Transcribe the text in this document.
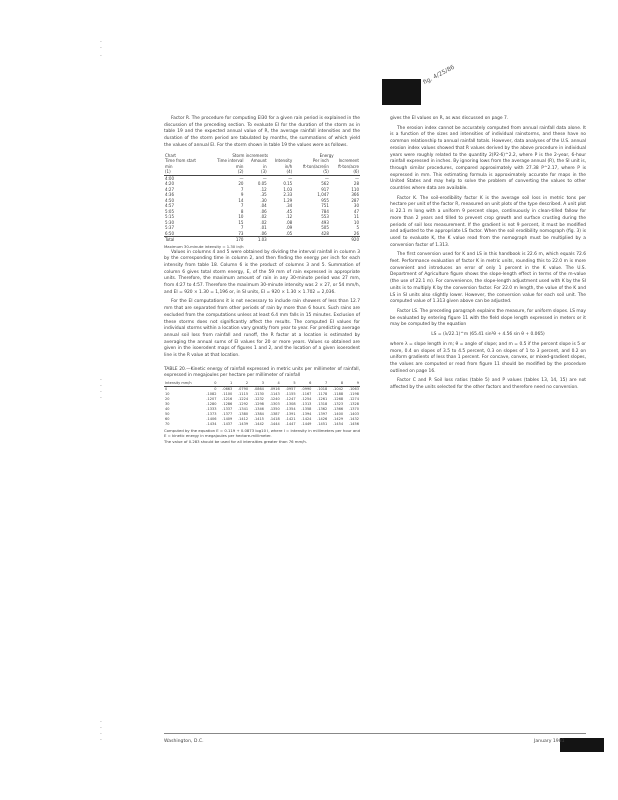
fig. 4/25/86
·
·
.
·
·
·
·
·
·
·
·

Factor R. The procedure for computing EI30 for a given rain period is explained in the discussion of the preceding section. To evaluate EI for the duration of the storm as in table 19 and the expected annual value of R, the average rainfall intensities and the duration of the storm period are tabulated by months, the summations of which yield the values of annual El. For the storm shown in table 19 the values were as follows.

Chart	Storm increments			Energy	
Time from start	Time interval	Amount	Intensity	Per inch	Increment
min	min	in	in/h	ft-ton/acre/in	ft-ton/acre
(1)	(2)	(3)	(4)	(5)	(6)
4:00	—	—	—	—	—
4:20	20	0.05	0.15	562	28
4:27	7	.12	1.03	917	110
4:36	9	.35	2.33	1,047	366
4:50	14	.30	1.29	955	287
4:57	7	.04	.34	751	30
5:05	8	.06	.45	784	47
5:15	10	.02	.12	553	11
5:30	15	.02	.08	493	10
5:37	7	.01	.09	505	5
6:50	73	.06	.05	428	26
Total	170	1.03			920
Maximum 30-minute intensity = 1.30 in/h

Values in columns 4 and 5 were obtained by dividing the interval rainfall in column 3 by the corresponding time in column 2, and then finding the energy per inch for each intensity from table 18. Column 6 is the product of columns 3 and 5. Summation of column 6 gives total storm energy, E, of the 59 mm of rain expressed in appropriate units. Therefore, the maximum amount of rain in any 30-minute period was 27 mm, from 4:27 to 4:57. Therefore the maximum 30-minute intensity was 2 × 27, or 54 mm/h, and EI = 920 × 1.30 = 1,196 or, in SI units, EI = 920 × 1.30 × 1.702 = 2,036.

For the EI computations it is not necessary to include rain showers of less than 12.7 mm that are separated from other periods of rain by more than 6 hours. Such rains are excluded from the computations unless at least 6.4 mm falls in 15 minutes. Exclusion of these storms does not significantly affect the results. The computed EI values for individual storms within a location vary greatly from year to year. For predicting average annual soil loss from rainfall and runoff, the R factor at a location is estimated by averaging the annual sums of EI values for 20 or more years. Values so obtained are given in the isoerodent maps of figures 1 and 2, and the location of a given isoerodent line is the R value at that location.

TABLE 20.—Kinetic energy of rainfall expressed in metric units per millimeter of rainfall, expressed in megajoules per hectare per millimeter of rainfall
Intensity mm/h	0	1	2	3	4	5	6	7	8	9
0	0	.0663	.0790	.0864	.0916	.0957	.0990	.1018	.1042	.1063
10	.1082	.1100	.1115	.1130	.1143	.1155	.1167	.1178	.1188	.1198
20	.1207	.1216	.1224	.1232	.1240	.1247	.1254	.1261	.1268	.1274
30	.1280	.1286	.1292	.1298	.1303	.1308	.1313	.1318	.1323	.1328
40	.1333	.1337	.1341	.1346	.1350	.1354	.1358	.1362	.1366	.1370
50	.1373	.1377	.1380	.1384	.1387	.1391	.1394	.1397	.1400	.1403
60	.1406	.1409	.1412	.1415	.1418	.1421	.1424	.1426	.1429	.1432
70	.1434	.1437	.1439	.1442	.1444	.1447	.1449	.1451	.1454	.1456
Computed by the equation E = 0.119 + 0.0873 log10 I, where I = intensity in millimeters per hour and E = kinetic energy in megajoules per hectare-millimeter.
The value of 0.283 should be used for all intensities greater than 76 mm/h.

gives the EI values on R, as was discussed on page 7.

The erosion index cannot be accurately computed from annual rainfall data alone. It is a function of the sizes and intensities of individual rainstorms, and these have no common relationship to annual rainfall totals. However, data analyses of the U.S. annual erosion index values showed that R values derived by the above procedure in individual years were roughly related to the quantity 2(P2-6)^2.2, where P is the 2-year, 6-hour rainfall expressed in inches. By ignoring lows from the average annual (R), the SI unit is, through similar procedures, compared approximately with 27.38 P^2.17, where P is expressed in mm. This estimating formula is approximately accurate for maps in the United States and may help to solve the problem of converting the values to other countries where data are available.

Factor K. The soil-erodibility factor K is the average soil loss in metric tons per hectare per unit of the factor R, measured on unit plots of the type described. A unit plot is 22.1 m long with a uniform 9 percent slope, continuously in clean-tilled fallow for more than 2 years and tilled to prevent crop growth and surface crusting during the periods of soil loss measurement. If the gradient is not 9 percent, it must be modified and adjusted to the appropriate LS factor. When the soil erodibility nomograph (fig. 3) is used to evaluate K, the K value read from the nomograph must be multiplied by a conversion factor of 1.313.

The first conversion used for K and LS in this handbook is 22.6 m, which equals 72.6 feet. Performance evaluation of factor K in metric units, rounding this to 22.0 m is more convenient and introduces an error of only 1 percent in the K value. The U.S. Department of Agriculture figure shows the slope-length effect in terms of the m-value (the use of 22.1 m). For convenience, the slope-length adjustment used with K by the SI units is to multiply K by the conversion factor. For 22.0 m length, the value of the K and LS in SI units also slightly lower. However, the conversion value for each soil unit. The computed value of 1.313 given above can be adjusted.

Factor LS. The preceding paragraph explains the measure, for uniform slopes. LS may be evaluated by entering figure 11 with the field slope length expressed in meters or it may be computed by the equation

LS = (λ/22.1)^m (65.41 sin²θ + 4.56 sin θ + 0.065)

where λ = slope length in m; θ = angle of slope; and m = 0.5 if the percent slope is 5 or more, 0.4 on slopes of 3.5 to 4.5 percent, 0.3 on slopes of 1 to 3 percent, and 0.2 on uniform gradients of less than 1 percent. For concave, convex, or mixed-gradient slopes, the values are computed or read from figure 11 should be modified by the procedure outlined on page 16.

Factor C and P. Soil loss ratios (table 5) and P values (tables 13, 14, 15) are not affected by the units selected for the other factors and therefore need no conversion.

Washington, D.C.	January 1981
